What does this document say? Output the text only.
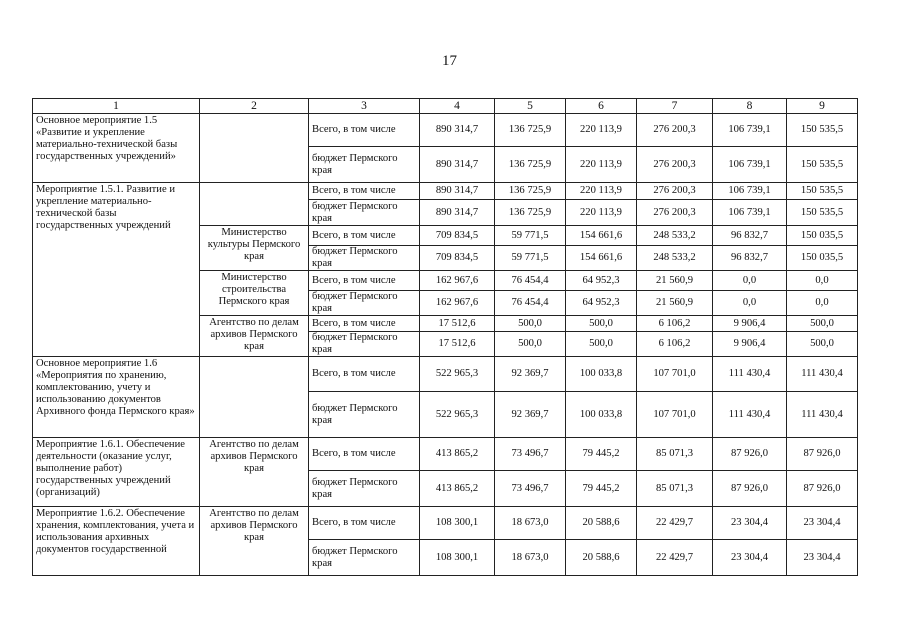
17
1	2	3	4	5	6	7	8	9
Основное мероприятие 1.5 «Развитие и укрепление материально-технической базы государственных учреждений»		Всего, в том числе	890 314,7	136 725,9	220 113,9	276 200,3	106 739,1	150 535,5
		бюджет Пермского края	890 314,7	136 725,9	220 113,9	276 200,3	106 739,1	150 535,5
Мероприятие 1.5.1. Развитие и укрепление материально-технической базы государственных учреждений		Всего, в том числе	890 314,7	136 725,9	220 113,9	276 200,3	106 739,1	150 535,5
		бюджет Пермского края	890 314,7	136 725,9	220 113,9	276 200,3	106 739,1	150 535,5
	Министерство культуры Пермского края	Всего, в том числе	709 834,5	59 771,5	154 661,6	248 533,2	96 832,7	150 035,5
		бюджет Пермского края	709 834,5	59 771,5	154 661,6	248 533,2	96 832,7	150 035,5
	Министерство строительства Пермского края	Всего, в том числе	162 967,6	76 454,4	64 952,3	21 560,9	0,0	0,0
		бюджет Пермского края	162 967,6	76 454,4	64 952,3	21 560,9	0,0	0,0
	Агентство по делам архивов Пермского края	Всего, в том числе	17 512,6	500,0	500,0	6 106,2	9 906,4	500,0
		бюджет Пермского края	17 512,6	500,0	500,0	6 106,2	9 906,4	500,0
Основное мероприятие 1.6 «Мероприятия по хранению, комплектованию, учету и использованию документов Архивного фонда Пермского края»		Всего, в том числе	522 965,3	92 369,7	100 033,8	107 701,0	111 430,4	111 430,4
		бюджет Пермского края	522 965,3	92 369,7	100 033,8	107 701,0	111 430,4	111 430,4
Мероприятие 1.6.1. Обеспечение деятельности (оказание услуг, выполнение работ) государственных учреждений (организаций)	Агентство по делам архивов Пермского края	Всего, в том числе	413 865,2	73 496,7	79 445,2	85 071,3	87 926,0	87 926,0
		бюджет Пермского края	413 865,2	73 496,7	79 445,2	85 071,3	87 926,0	87 926,0
Мероприятие 1.6.2. Обеспечение хранения, комплектования, учета и использования архивных документов государственной	Агентство по делам архивов Пермского края	Всего, в том числе	108 300,1	18 673,0	20 588,6	22 429,7	23 304,4	23 304,4
		бюджет Пермского края	108 300,1	18 673,0	20 588,6	22 429,7	23 304,4	23 304,4
